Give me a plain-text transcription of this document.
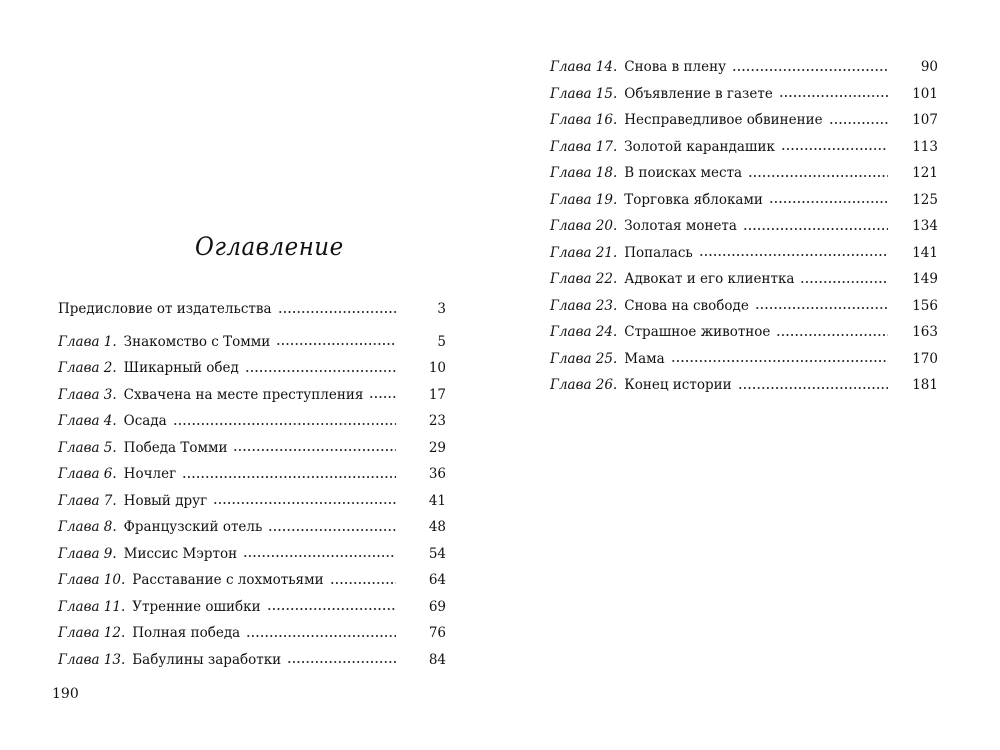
Оглавление
Предисловие от издательства	3
Глава 1. Знакомство с Томми	5
Глава 2. Шикарный обед	10
Глава 3. Схвачена на месте преступления	17
Глава 4. Осада	23
Глава 5. Победа Томми	29
Глава 6. Ночлег	36
Глава 7. Новый друг	41
Глава 8. Французский отель	48
Глава 9. Миссис Мэртон	54
Глава 10. Расставание с лохмотьями	64
Глава 11. Утренние ошибки	69
Глава 12. Полная победа	76
Глава 13. Бабулины заработки	84
190
Глава 14. Снова в плену	90
Глава 15. Объявление в газете	101
Глава 16. Несправедливое обвинение	107
Глава 17. Золотой карандашик	113
Глава 18. В поисках места	121
Глава 19. Торговка яблоками	125
Глава 20. Золотая монета	134
Глава 21. Попалась	141
Глава 22. Адвокат и его клиентка	149
Глава 23. Снова на свободе	156
Глава 24. Страшное животное	163
Глава 25. Мама	170
Глава 26. Конец истории	181
